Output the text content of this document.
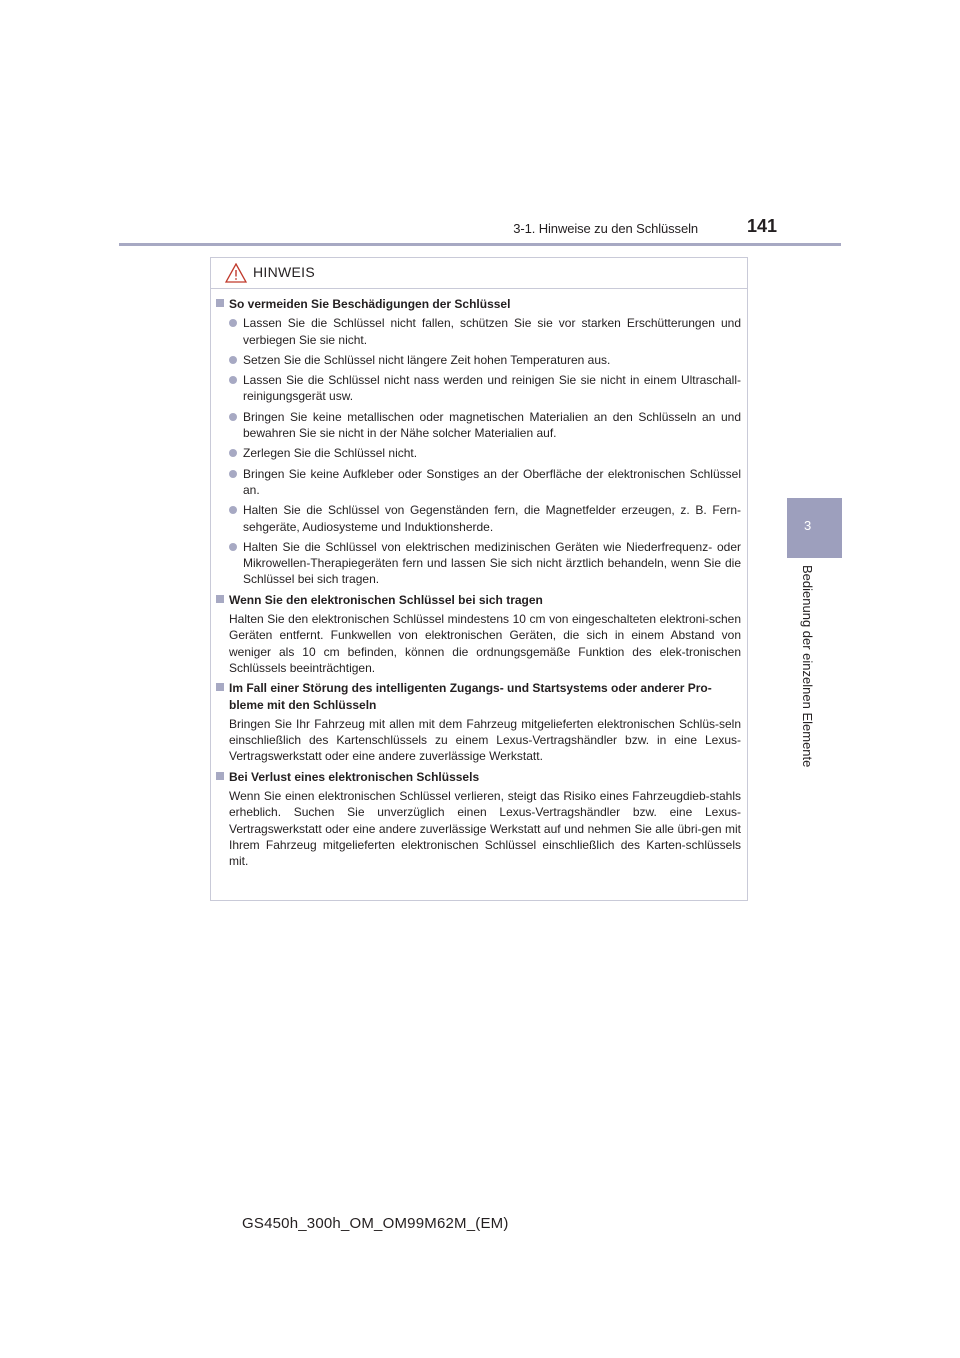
3-1. Hinweise zu den Schlüsseln	141
3
Bedienung der einzelnen Elemente
HINWEIS
So vermeiden Sie Beschädigungen der Schlüssel
Lassen Sie die Schlüssel nicht fallen, schützen Sie sie vor starken Erschütterungen und verbiegen Sie sie nicht.
Setzen Sie die Schlüssel nicht längere Zeit hohen Temperaturen aus.
Lassen Sie die Schlüssel nicht nass werden und reinigen Sie sie nicht in einem Ultraschall-reinigungsgerät usw.
Bringen Sie keine metallischen oder magnetischen Materialien an den Schlüsseln an und bewahren Sie sie nicht in der Nähe solcher Materialien auf.
Zerlegen Sie die Schlüssel nicht.
Bringen Sie keine Aufkleber oder Sonstiges an der Oberfläche der elektronischen Schlüssel an.
Halten Sie die Schlüssel von Gegenständen fern, die Magnetfelder erzeugen, z. B. Fern-sehgeräte, Audiosysteme und Induktionsherde.
Halten Sie die Schlüssel von elektrischen medizinischen Geräten wie Niederfrequenz- oder Mikrowellen-Therapiegeräten fern und lassen Sie sich nicht ärztlich behandeln, wenn Sie die Schlüssel bei sich tragen.
Wenn Sie den elektronischen Schlüssel bei sich tragen
Halten Sie den elektronischen Schlüssel mindestens 10 cm von eingeschalteten elektroni-schen Geräten entfernt. Funkwellen von elektronischen Geräten, die sich in einem Abstand von weniger als 10 cm befinden, können die ordnungsgemäße Funktion des elek-tronischen Schlüssels beeinträchtigen.
Im Fall einer Störung des intelligenten Zugangs- und Startsystems oder anderer Pro-bleme mit den Schlüsseln
Bringen Sie Ihr Fahrzeug mit allen mit dem Fahrzeug mitgelieferten elektronischen Schlüs-seln einschließlich des Kartenschlüssels zu einem Lexus-Vertragshändler bzw. in eine Lexus-Vertragswerkstatt oder eine andere zuverlässige Werkstatt.
Bei Verlust eines elektronischen Schlüssels
Wenn Sie einen elektronischen Schlüssel verlieren, steigt das Risiko eines Fahrzeugdieb-stahls erheblich. Suchen Sie unverzüglich einen Lexus-Vertragshändler bzw. eine Lexus-Vertragswerkstatt oder eine andere zuverlässige Werkstatt auf und nehmen Sie alle übri-gen mit Ihrem Fahrzeug mitgelieferten elektronischen Schlüssel einschließlich des Karten-schlüssels mit.
GS450h_300h_OM_OM99M62M_(EM)
